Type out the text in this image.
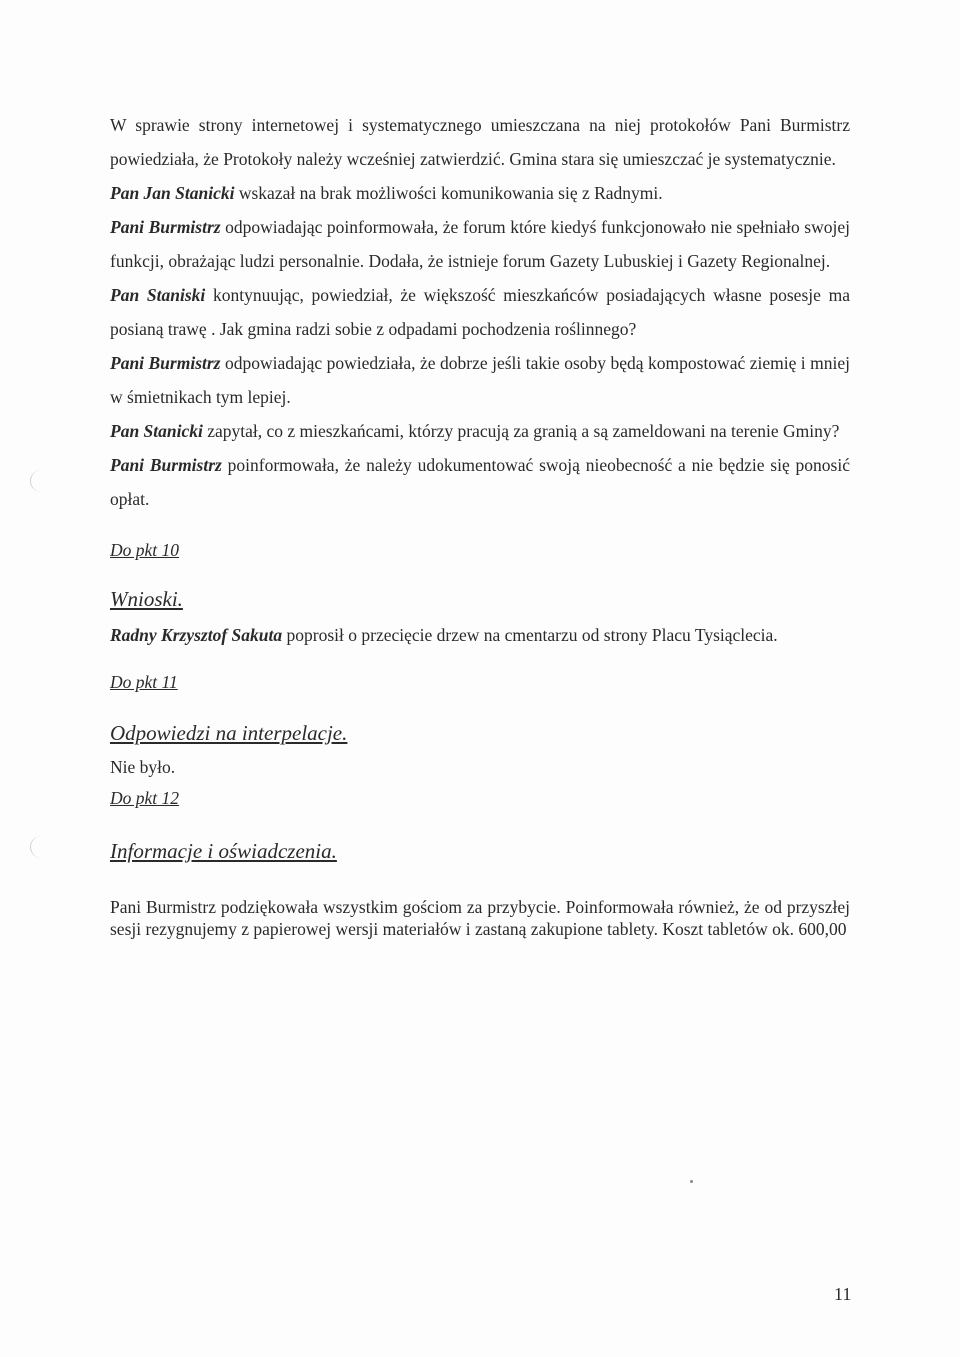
W sprawie strony internetowej i systematycznego umieszczana na niej protokołów Pani Burmistrz powiedziała, że Protokoły należy wcześniej zatwierdzić. Gmina stara się umieszczać je systematycznie.

Pan Jan Stanicki wskazał na brak możliwości komunikowania się z Radnymi.

Pani Burmistrz odpowiadając poinformowała, że forum które kiedyś funkcjonowało nie spełniało swojej funkcji, obrażając ludzi personalnie. Dodała, że istnieje forum Gazety Lubuskiej i Gazety Regionalnej.

Pan Staniski kontynuując, powiedział, że większość mieszkańców posiadających własne posesje ma posianą trawę . Jak gmina radzi sobie z odpadami pochodzenia roślinnego?

Pani Burmistrz odpowiadając powiedziała, że dobrze jeśli takie osoby będą kompostować ziemię i mniej w śmietnikach tym lepiej.

Pan Stanicki zapytał, co z mieszkańcami, którzy pracują za granią a są zameldowani na terenie Gminy?

Pani Burmistrz poinformowała, że należy udokumentować swoją nieobecność a nie będzie się ponosić opłat.

Do pkt 10
Wnioski.

Radny Krzysztof Sakuta poprosił o przecięcie drzew na cmentarzu od strony Placu Tysiąclecia.

Do pkt 11
Odpowiedzi na interpelacje.

Nie było.

Do pkt 12
Informacje i oświadczenia.

Pani Burmistrz podziękowała wszystkim gościom za przybycie. Poinformowała również, że od przyszłej sesji rezygnujemy z papierowej wersji materiałów i zastaną zakupione tablety. Koszt tabletów ok. 600,00

11
